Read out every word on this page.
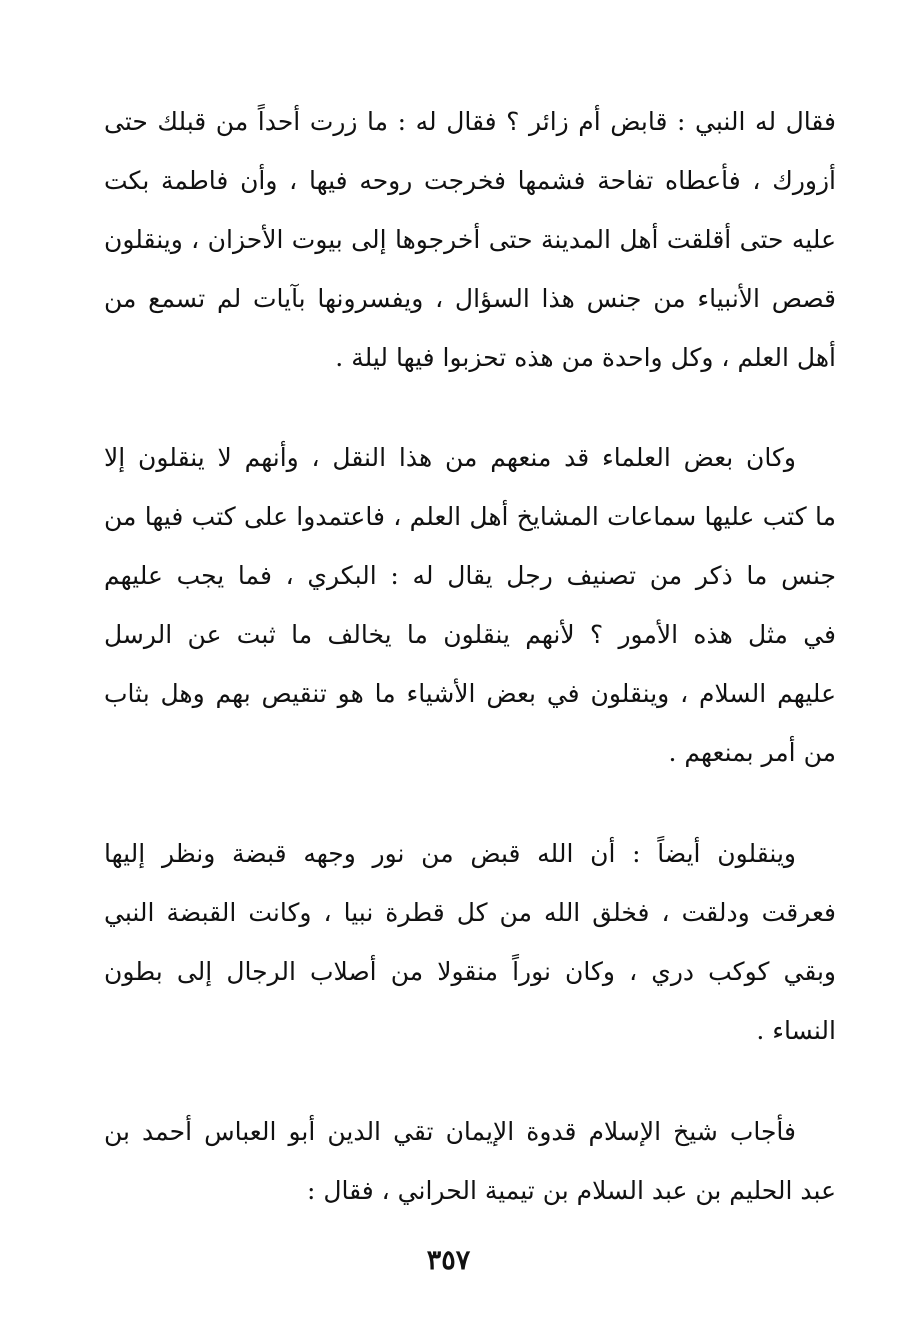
فقال له النبي : قابض أم زائر ؟ فقال له : ما زرت أحداً من قبلك حتى
أزورك ، فأعطاه تفاحة فشمها فخرجت روحه فيها ، وأن فاطمة بكت
عليه حتى أقلقت أهل المدينة حتى أخرجوها إلى بيوت الأحزان ، وينقلون
قصص الأنبياء من جنس هذا السؤال ، ويفسرونها بآيات لم تسمع من
أهل العلم ، وكل واحدة من هذه تحزبوا فيها ليلة .
وكان بعض العلماء قد منعهم من هذا النقل ، وأنهم لا ينقلون إلا
ما كتب عليها سماعات المشايخ أهل العلم ، فاعتمدوا على كتب فيها من
جنس ما ذكر من تصنيف رجل يقال له : البكري ، فما يجب عليهم
في مثل هذه الأمور ؟ لأنهم ينقلون ما يخالف ما ثبت عن الرسل
عليهم السلام ، وينقلون في بعض الأشياء ما هو تنقيص بهم وهل بثاب
من أمر بمنعهم .
وينقلون أيضاً : أن الله قبض من نور وجهه قبضة ونظر إليها
فعرقت ودلقت ، فخلق الله من كل قطرة نبيا ، وكانت القبضة النبي
وبقي كوكب دري ، وكان نوراً منقولا من أصلاب الرجال إلى بطون
النساء .
فأجاب شيخ الإسلام قدوة الإيمان تقي الدين أبو العباس أحمد بن
عبد الحليم بن عبد السلام بن تيمية الحراني ، فقال :
٣٥٧
